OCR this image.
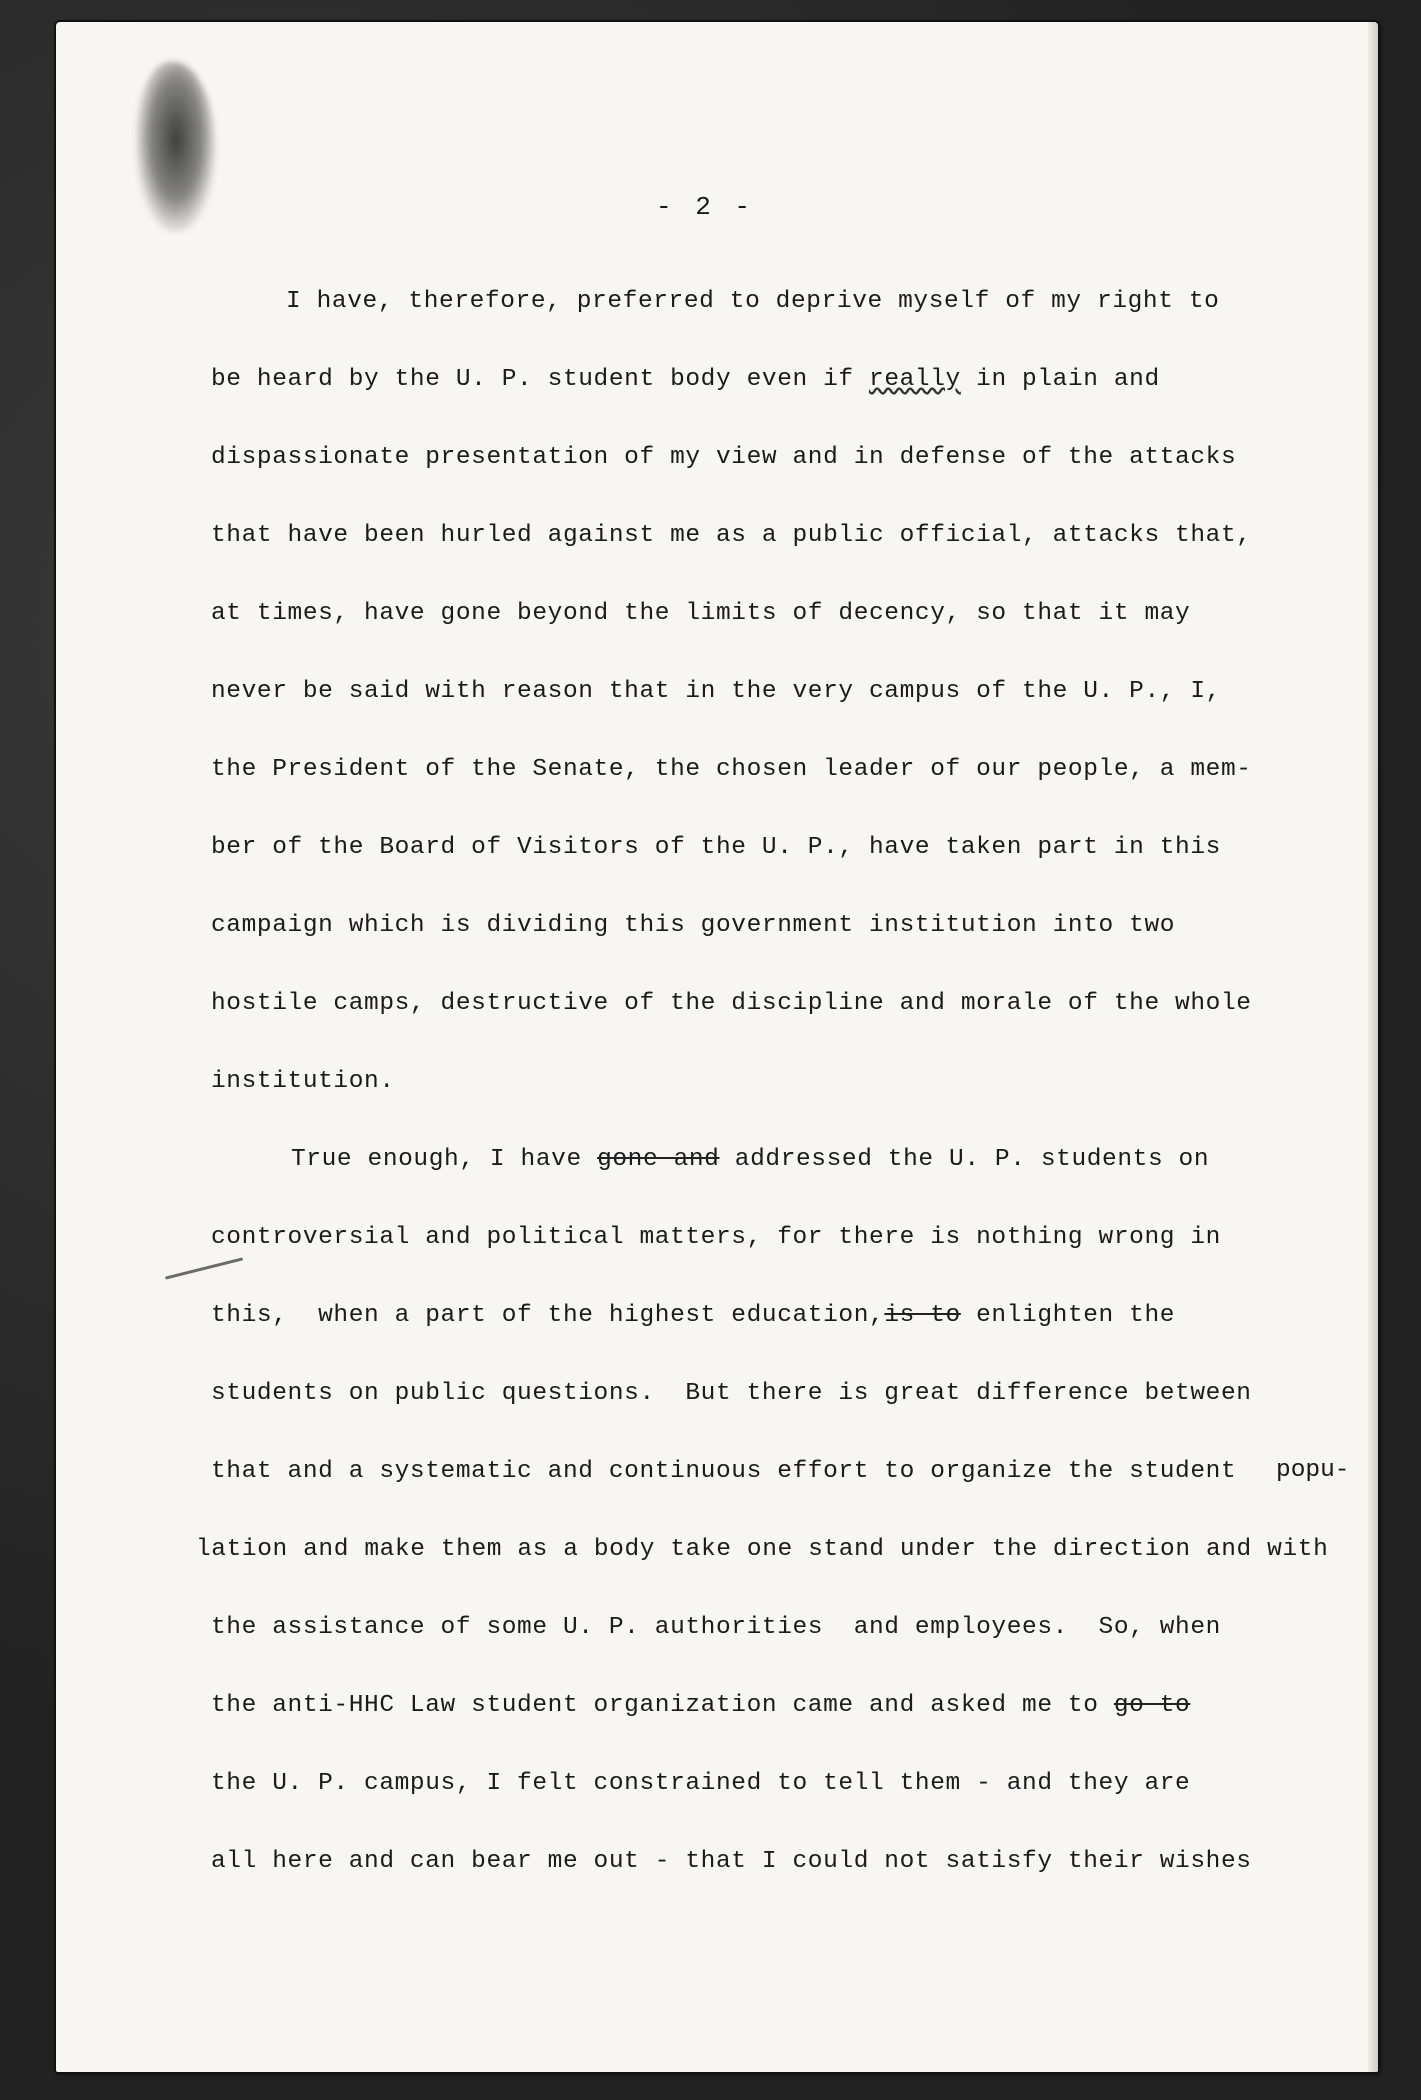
- 2 -
I have, therefore, preferred to deprive myself of my right to
be heard by the U. P. student body even if really in plain and
dispassionate presentation of my view and in defense of the attacks
that have been hurled against me as a public official, attacks that,
at times, have gone beyond the limits of decency, so that it may
never be said with reason that in the very campus of the U. P., I,
the President of the Senate, the chosen leader of our people, a mem-
ber of the Board of Visitors of the U. P., have taken part in this
campaign which is dividing this government institution into two
hostile camps, destructive of the discipline and morale of the whole
institution.
True enough, I have gone and addressed the U. P. students on
controversial and political matters, for there is nothing wrong in
this,  when a part of the highest education,is to enlighten the
students on public questions.  But there is great difference between
that and a systematic and continuous effort to organize the student popu-
lation and make them as a body take one stand under the direction and with
the assistance of some U. P. authorities  and employees.  So, when
the anti-HHC Law student organization came and asked me to go to
the U. P. campus, I felt constrained to tell them - and they are
all here and can bear me out - that I could not satisfy their wishes
